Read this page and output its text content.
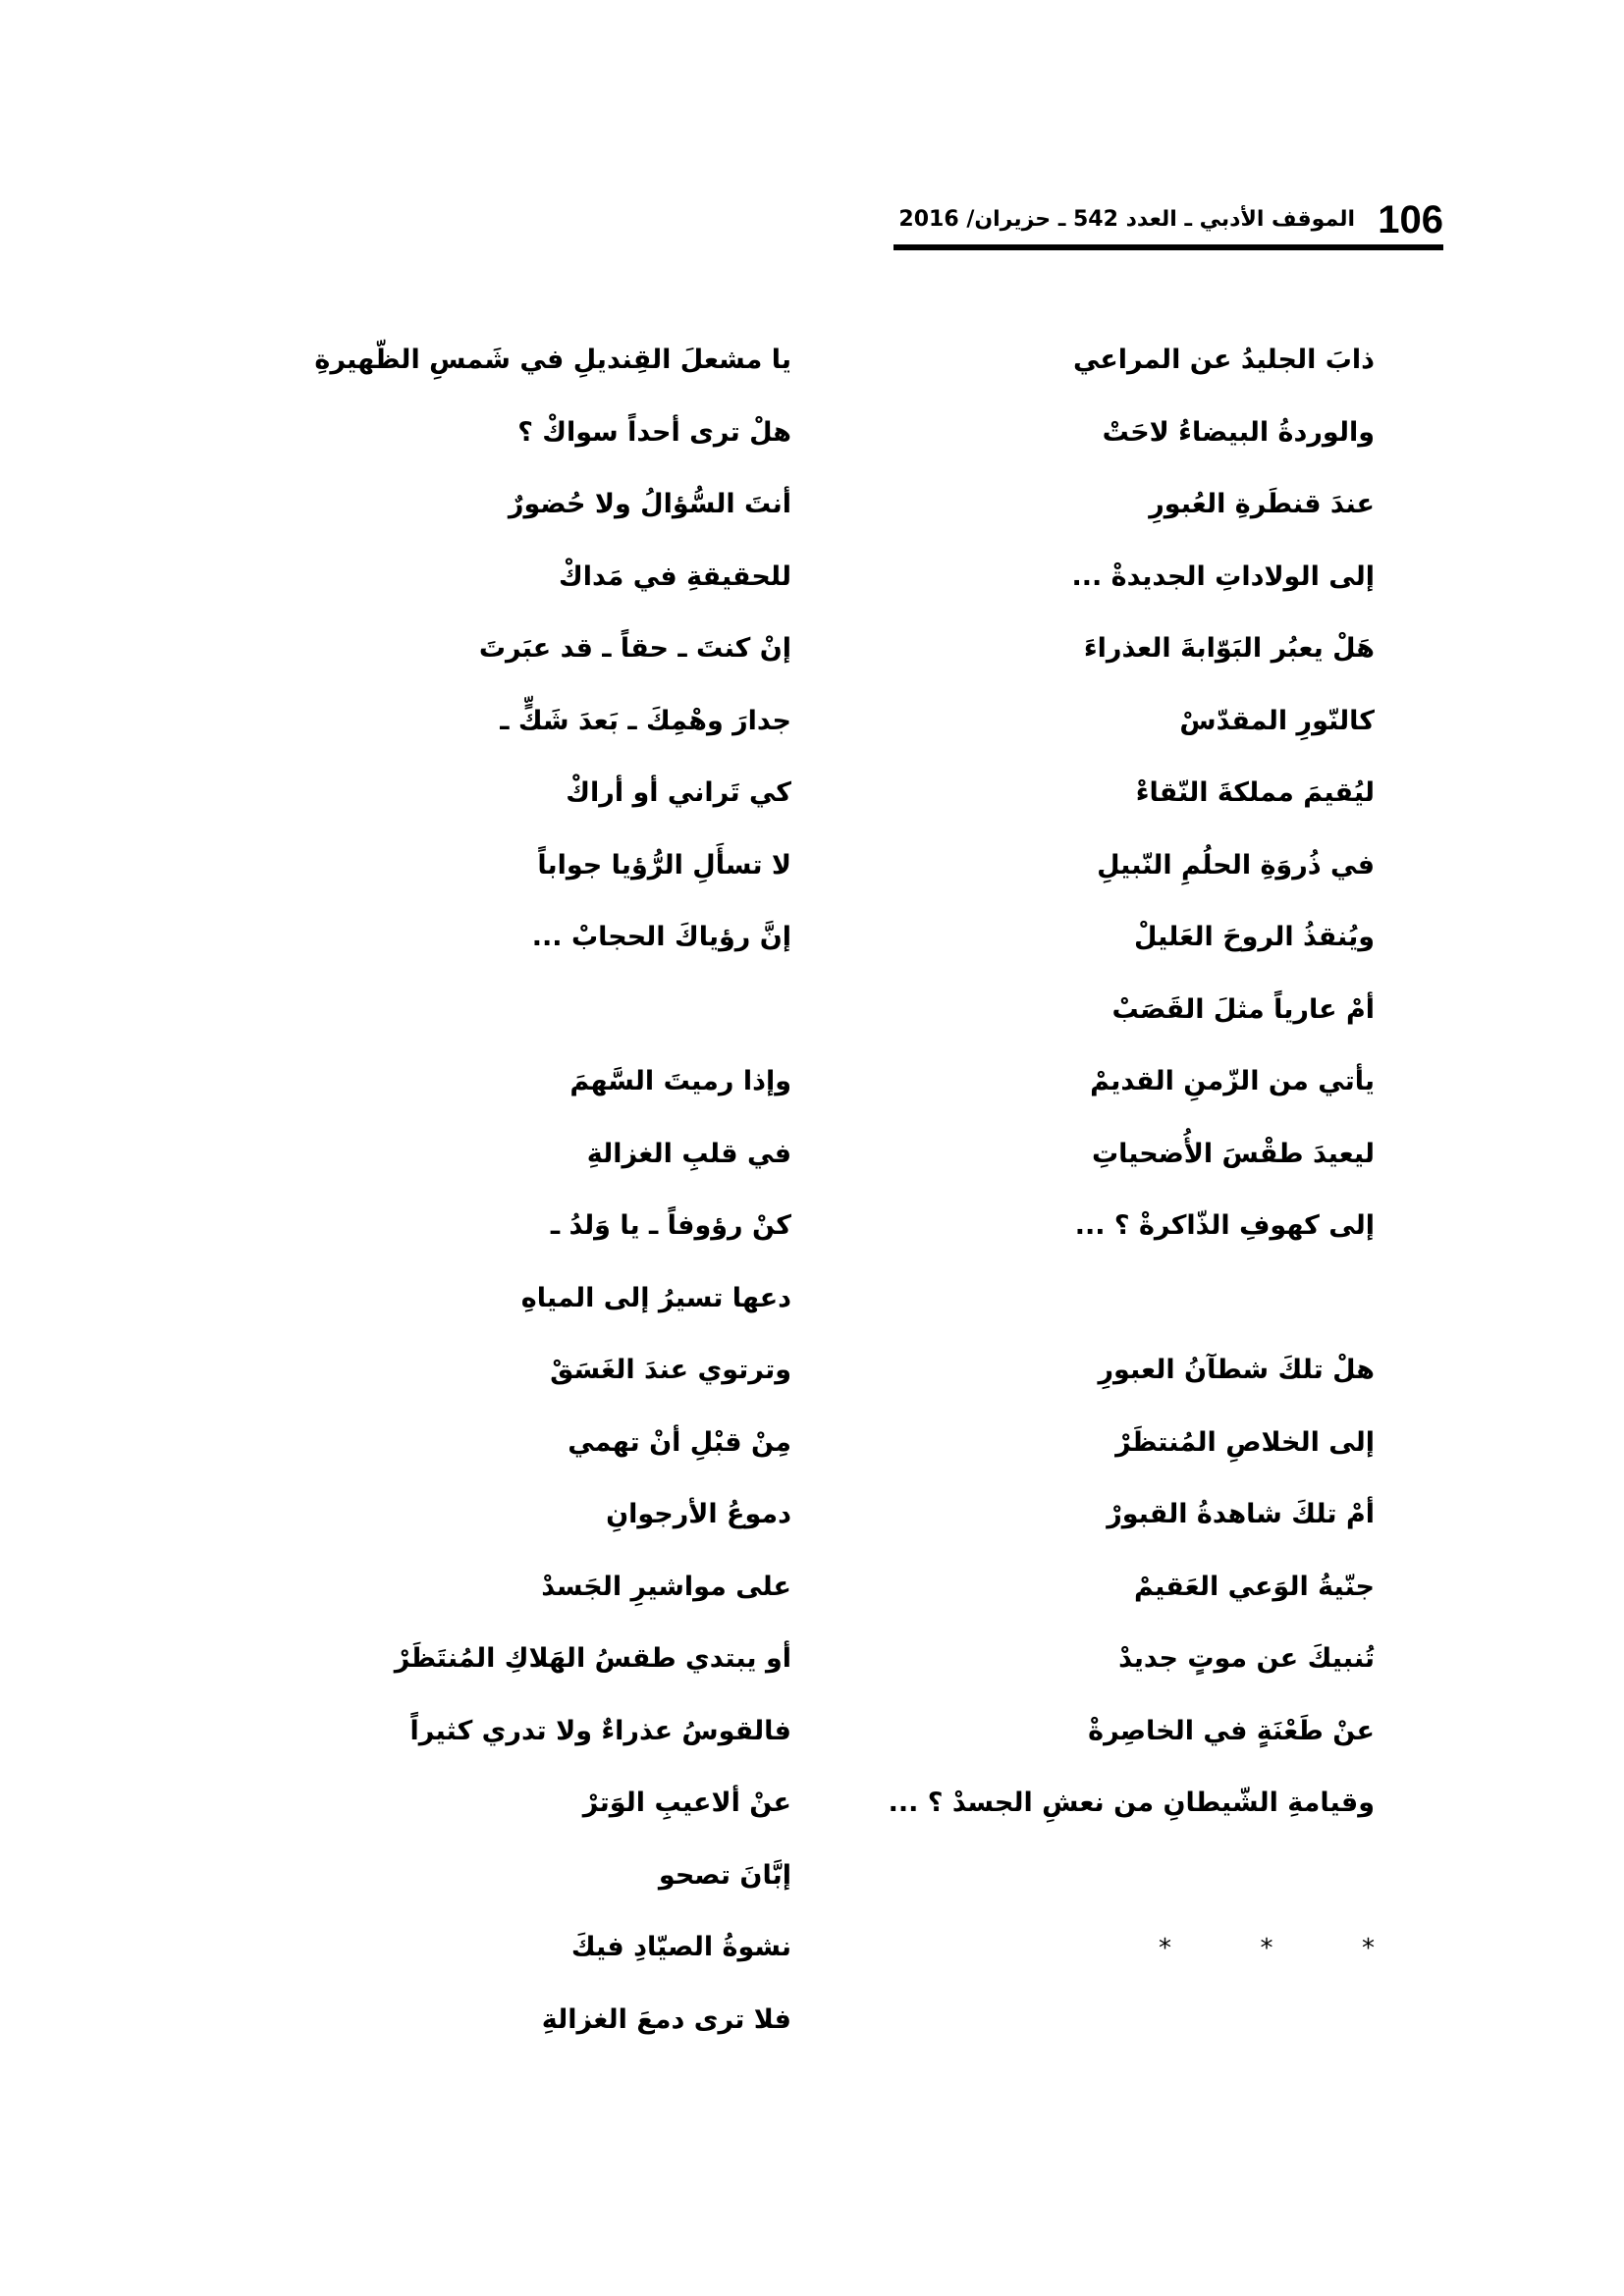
106
الموقف الأدبي ـ العدد 542 ـ حزيران/ 2016
ذابَ الجليدُ عن المراعي
والوردةُ البيضاءُ لاحَتْ
عندَ قنطَرةِ العُبورِ
إلى الولاداتِ الجديدةْ ...
هَلْ يعبُر البَوّابةَ العذراءَ
كالنّورِ المقدّسْ
ليُقيمَ مملكةَ النّقاءْ
في ذُروَةِ الحلُمِ النّبيلِ
ويُنقذُ الروحَ العَليلْ
أمْ عارياً مثلَ القَصَبْ
يأتي من الزّمنِ القديمْ
ليعيدَ طقْسَ الأُضحياتِ
إلى كهوفِ الذّاكرةْ ؟ ...
هلْ تلكَ شطآنُ العبورِ
إلى الخلاصِ المُنتظَرْ
أمْ تلكَ شاهدةُ القبورْ
جنّيةُ الوَعي العَقيمْ
تُنبيكَ عن موتٍ جديدْ
عنْ طَعْنَةٍ في الخاصِرةْ
وقيامةِ الشّيطانِ من نعشِ الجسدْ ؟ ...
*
*
*
يا مشعلَ القِنديلِ في شَمسِ الظّهيرةِ
هلْ ترى أحداً سواكْ ؟
أنتَ السُّؤالُ ولا حُضورٌ
للحقيقةِ في مَداكْ
إنْ كنتَ ـ حقاً ـ قد عبَرتَ
جدارَ وهْمِكَ ـ بَعدَ شَكٍّ ـ
كي تَراني أو أراكْ
لا تسأَلِ الرُّؤيا جواباً
إنَّ رؤياكَ الحجابْ ...
وإذا رميتَ السَّهمَ
في قلبِ الغزالةِ
كنْ رؤوفاً ـ يا وَلدُ ـ
دعها تسيرُ إلى المياهِ
وترتوي عندَ الغَسَقْ
مِنْ قبْلِ أنْ تهمي
دموعُ الأرجوانِ
على مواشيرِ الجَسدْ
أو يبتدي طقسُ الهَلاكِ المُنتَظَرْ
فالقوسُ عذراءٌ ولا تدري كثيراً
عنْ ألاعيبِ الوَترْ
إبَّانَ تصحو
نشوةُ الصيّادِ فيكَ
فلا ترى دمعَ الغزالةِ
